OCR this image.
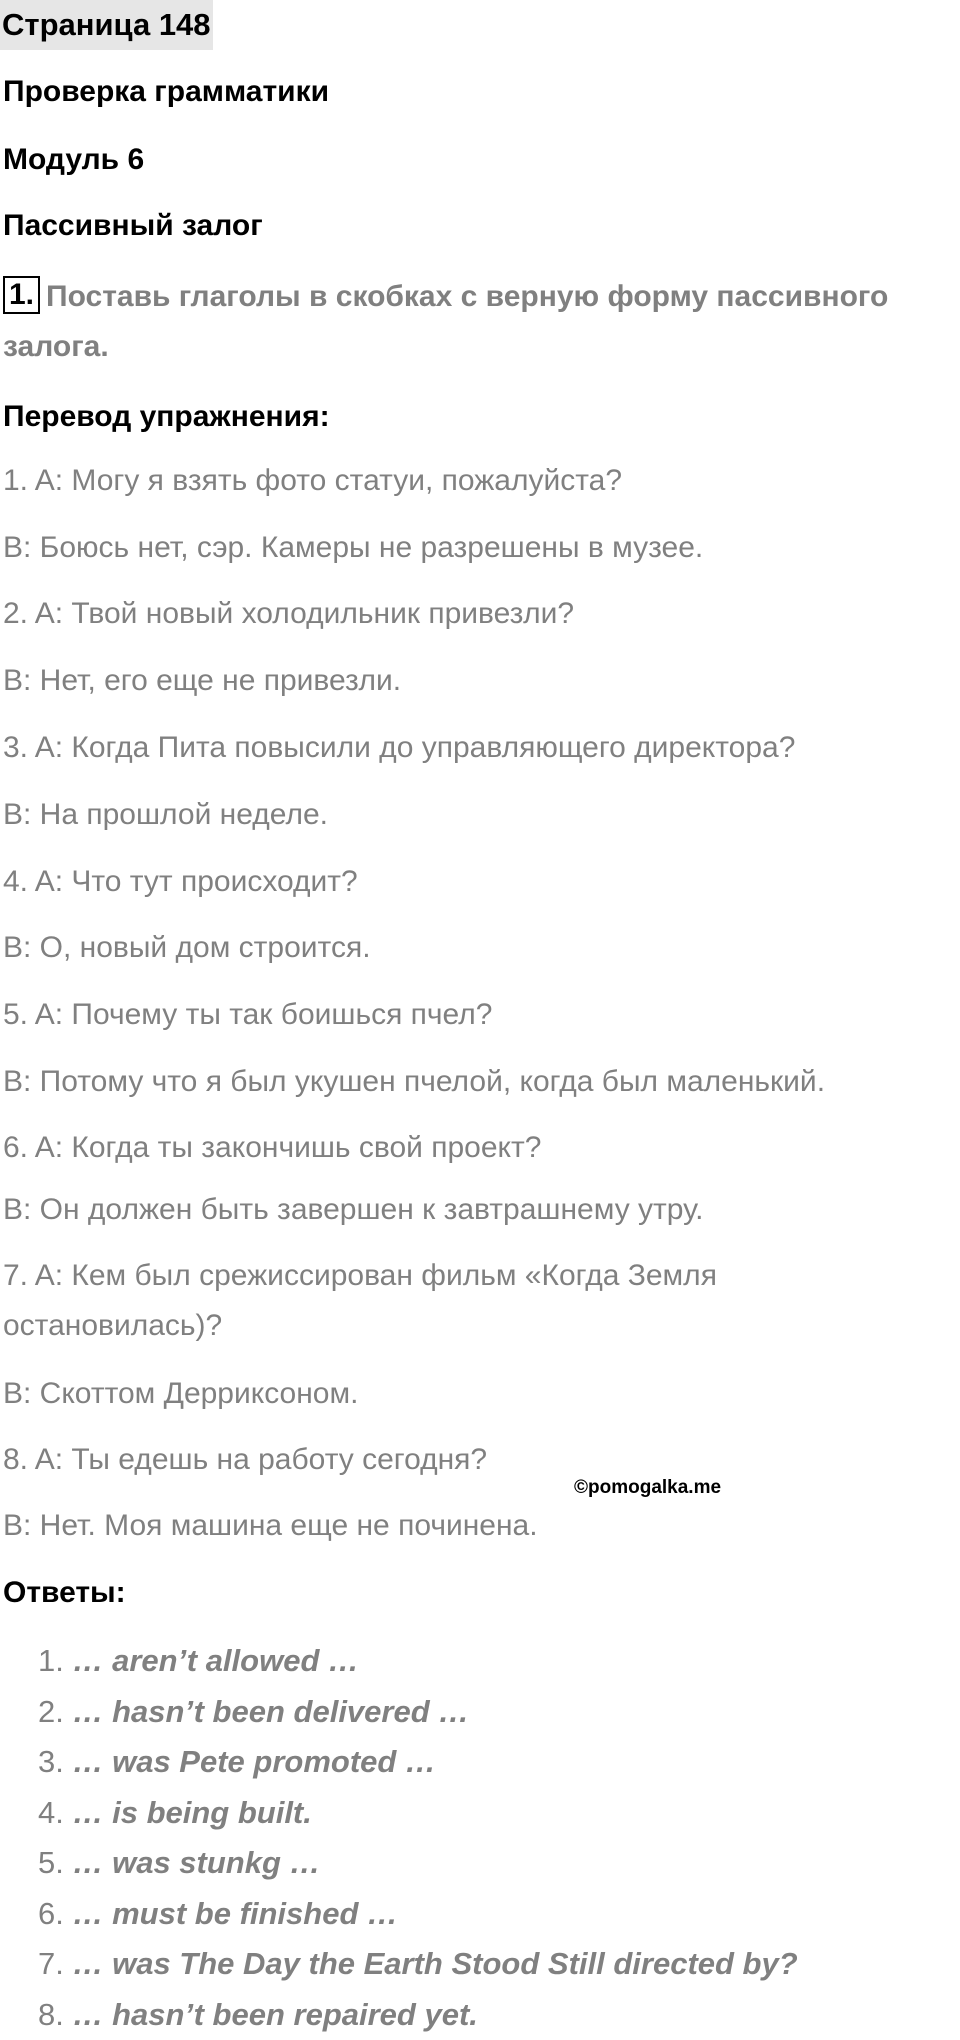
Страница 148
Проверка грамматики
Модуль 6
Пассивный залог
1. Поставь глаголы в скобках с верную форму пассивного залога.
Перевод упражнения:
1. A: Могу я взять фото статуи, пожалуйста?
B: Боюсь нет, сэр. Камеры не разрешены в музее.
2. A: Твой новый холодильник привезли?
B: Нет, его еще не привезли.
3. A: Когда Пита повысили до управляющего директора?
B: На прошлой неделе.
4. A: Что тут происходит?
B: О, новый дом строится.
5. A: Почему ты так боишься пчел?
B: Потому что я был укушен пчелой, когда был маленький.
6. A: Когда ты закончишь свой проект?
B: Он должен быть завершен к завтрашнему утру.
7. A: Кем был срежиссирован фильм «Когда Земля
остановилась)?
B: Скоттом Дерриксоном.
8. A: Ты едешь на работу сегодня?
B: Нет. Моя машина еще не починена.
©pomogalka.me
Ответы:
1. … aren’t allowed …
2. … hasn’t been delivered …
3. … was Pete promoted …
4. … is being built.
5. … was stunkg …
6. … must be finished …
7. … was The Day the Earth Stood Still directed by?
8. … hasn’t been repaired yet.
